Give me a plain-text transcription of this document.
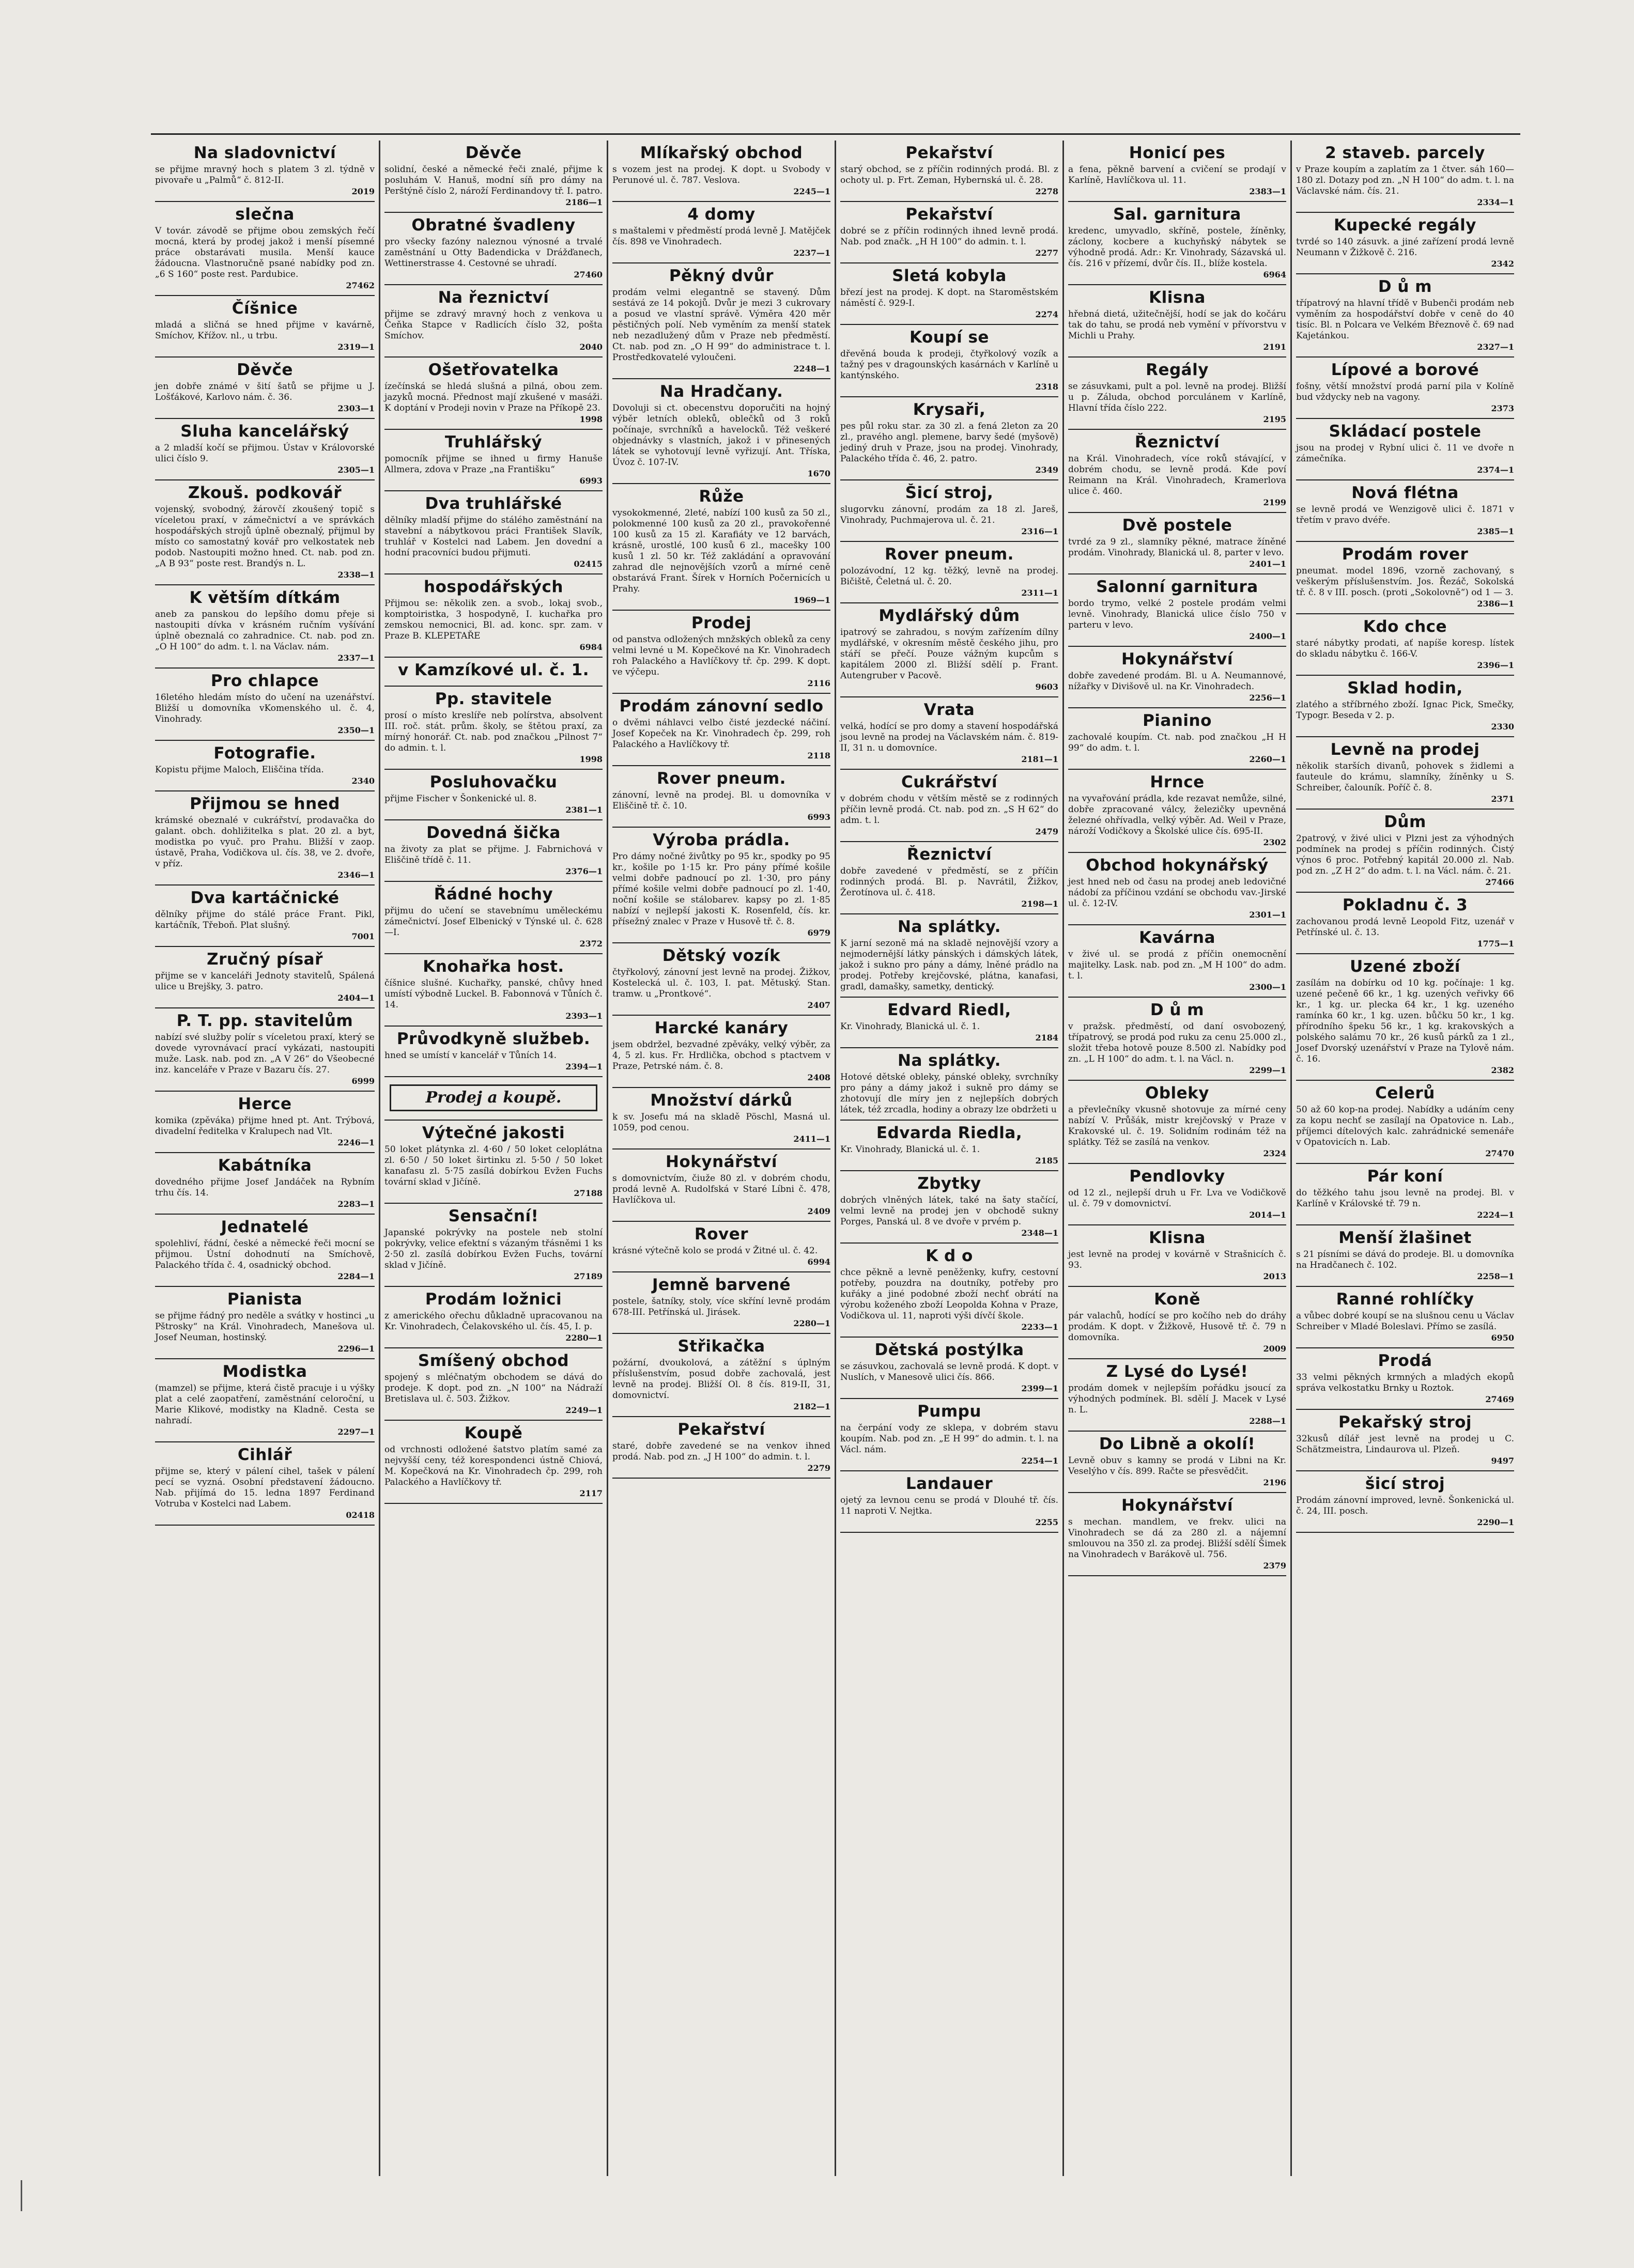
Na sladovnictví
se přijme mravný hoch s platem 3 zl. týdně v pivovaře u „Palmů“ č. 812-II.
2019
slečna
V továr. závodě se přijme obou zemských řečí mocná, která by prodej jakož i menší písemné práce obstarávati musila. Menší kauce žádoucna. Vlastnoručně psané nabídky pod zn. „6 S 160“ poste rest. Pardubice.
27462
Číšnice
mladá a sličná se hned přijme v kavárně, Smíchov, Křížov. nl., u trbu.
2319—1
Děvče
jen dobře známé v šití šatů se přijme u J. Lošťákové, Karlovo nám. č. 36.
2303—1
Sluha kancelářský
a 2 mladší kočí se přijmou. Ústav v Královorské ulici číslo 9.
2305—1
Zkouš. podkovář
vojenský, svobodný, žárovčí zkoušený topič s víceletou praxí, v zámečnictví a ve správkách hospodářských strojů úplně obeznalý, přijmul by místo co samostatný kovář pro velkostatek neb podob. Nastoupiti možno hned. Ct. nab. pod zn. „A B 93“ poste rest. Brandýs n. L.
2338—1
K větším dítkám
aneb za panskou do lepšího domu přeje si nastoupiti dívka v krásném ručním vyšívání úplně obeznalá co zahradnice. Ct. nab. pod zn. „O H 100“ do adm. t. l. na Václav. nám.
2337—1
Pro chlapce
16letého hledám místo do učení na uzenářství. Bližší u domovníka vKomenského ul. č. 4, Vinohrady.
2350—1
Fotografie.
Kopistu přijme Maloch, Eliščina třída.
2340
Přijmou se hned
krámské obeznalé v cukrářství, prodavačka do galant. obch. dohližitelka s plat. 20 zl. a byt, modistka po vyuč. pro Prahu. Bližší v zaop. ústavě, Praha, Vodičkova ul. čís. 38, ve 2. dvoře, v příz.
2346—1
Dva kartáčnické
dělníky přijme do stálé práce Frant. Pikl, kartáčník, Třeboň. Plat slušný.
7001
Zručný písař
přijme se v kanceláři Jednoty stavitelů, Spálená ulice u Brejšky, 3. patro.
2404—1
P. T. pp. stavitelům
nabízí své služby polír s víceletou praxí, který se dovede vyrovnávací prací vykázati, nastoupiti muže. Lask. nab. pod zn. „A V 26“ do Všeobecné inz. kanceláře v Praze v Bazaru čís. 27.
6999
Herce
komika (zpěváka) přijme hned pt. Ant. Trýbová, divadelní ředitelka v Kralupech nad Vlt.
2246—1
Kabátníka
dovedného přijme Josef Jandáček na Rybním trhu čís. 14.
2283—1
Jednatelé
spolehliví, řádní, české a německé řeči mocní se přijmou. Ústní dohodnutí na Smíchově, Palackého třída č. 4, osadnický obchod.
2284—1
Pianista
se přijme řádný pro neděle a svátky v hostinci „u Pštrosky“ na Král. Vinohradech, Manešova ul. Josef Neuman, hostinský.
2296—1
Modistka
(mamzel) se přijme, která čistě pracuje i u výšky plat a celé zaopatření, zaměstnání celoroční, u Marie Klikové, modistky na Kladně. Cesta se nahradí.
2297—1
Cihlář
přijme se, který v pálení cihel, tašek v pálení pecí se vyzná. Osobní představení žádoucno. Nab. přijímá do 15. ledna 1897 Ferdinand Votruba v Kostelci nad Labem.
02418
Děvče
solidní, české a německé řeči znalé, přijme k posluhám V. Hanuš, modní síň pro dámy na Perštýně číslo 2, nároží Ferdinandovy tř. I. patro.
2186—1
Obratné švadleny
pro všecky fazóny naleznou výnosné a trvalé zaměstnání u Otty Badendicka v Drážďanech, Wettinerstrasse 4. Cestovné se uhradí.
27460
Na řeznictví
přijme se zdravý mravný hoch z venkova u Čeňka Stapce v Radlicích číslo 32, pošta Smíchov.
2040
Ošetřovatelka
ízečínská se hledá slušná a pilná, obou zem. jazyků mocná. Přednost mají zkušené v masáži. K doptání v Prodeji novin v Praze na Příkopě 23.
1998
Truhlářský
pomocník přijme se ihned u firmy Hanuše Allmera, zdova v Praze „na Františku“
6993
Dva truhlářské
dělníky mladší přijme do stálého zaměstnání na stavební a nábytkovou práci František Slavík, truhlář v Kostelci nad Labem. Jen dovední a hodní pracovníci budou přijmuti.
02415
hospodářských
Přijmou se: několik zen. a svob., lokaj svob., komptoiristka, 3 hospodyně, I. kuchařka pro zemskou nemocnici, Bl. ad. konc. spr. zam. v Praze B. KLEPETAŘE
6984
v Kamzíkové ul. č. 1.
Pp. stavitele
prosí o místo kreslíře neb polírstva, absolvent III. roč. stát. prům. školy, se štětou praxí, za mírný honorář. Ct. nab. pod značkou „Pilnost 7“ do admin. t. l.
1998
Posluhovačku
přijme Fischer v Šonkenické ul. 8.
2381—1
Dovedná šička
na životy za plat se přijme. J. Fabrnichová v Eliščině třídě č. 11.
2376—1
Řádné hochy
přijmu do učení se stavebnímu uměleckému zámečnictví. Josef Elbenický v Týnské ul. č. 628—I.
2372
Knohařka host.
číšnice slušné. Kuchařky, panské, chůvy hned umístí výbodně Luckel. B. Fabonnová v Tůních č. 14.
2393—1
Průvodkyně službeb.
hned se umístí v kancelář v Tůních 14.
2394—1
Prodej a koupě.
Výtečné jakosti
50 loket plátynka zl. 4·60 / 50 loket celoplátna zl. 6·50 / 50 loket širtinku zl. 5·50 / 50 loket kanafasu zl. 5·75 zasílá dobírkou Evžen Fuchs tovární sklad v Jičíně.
27188
Sensační!
Japanské pokrývky na postele neb stolní pokrývky, velice efektní s vázaným třásněmi 1 ks 2·50 zl. zasílá dobírkou Evžen Fuchs, tovární sklad v Jičíně.
27189
Prodám ložnici
z amerického ořechu důkladně upracovanou na Kr. Vinohradech, Čelakovského ul. čís. 45, I. p.
2280—1
Smíšený obchod
spojený s mléčnatým obchodem se dává do prodeje. K dopt. pod zn. „N 100“ na Nádraží Bretislava ul. č. 503. Žižkov.
2249—1
Koupě
od vrchnosti odložené šatstvo platím samé za nejvyšší ceny, též korespondenci ústně Chiová, M. Kopečková na Kr. Vinohradech čp. 299, roh Palackého a Havlíčkovy tř.
2117
Mlíkařský obchod
s vozem jest na prodej. K dopt. u Svobody v Perunové ul. č. 787. Veslova.
2245—1
4 domy
s maštalemi v předměstí prodá levně J. Matějček čís. 898 ve Vinohradech.
2237—1
Pěkný dvůr
prodám velmi elegantně se stavený. Dům sestává ze 14 pokojů. Dvůr je mezi 3 cukrovary a posud ve vlastní správě. Výměra 420 měr pěstičných polí. Neb vyměním za menší statek neb nezadlužený dům v Praze neb předměstí. Ct. nab. pod zn. „O H 99“ do administrace t. l. Prostředkovatelé vyloučeni.
2248—1
Na Hradčany.
Dovoluji si ct. obecenstvu doporučiti na hojný výběr letních obleků, oblečků od 3 roků počínaje, svrchníků a havelocků. Též veškeré objednávky s vlastních, jakož i v přinesených látek se vyhotovují levně vyřizují. Ant. Tříska, Úvoz č. 107-IV.
1670
Růže
vysokokmenné, 2leté, nabízí 100 kusů za 50 zl., polokmenné 100 kusů za 20 zl., pravokořenné 100 kusů za 15 zl. Karafiáty ve 12 barvách, krásně, urostlé, 100 kusů 6 zl., macešky 100 kusů 1 zl. 50 kr. Též zakládání a opravování zahrad dle nejnovějších vzorů a mírné ceně obstarává Frant. Šírek v Horních Počernicích u Prahy.
1969—1
Prodej
od panstva odložených mnžských obleků za ceny velmi levné u M. Kopečkové na Kr. Vinohradech roh Palackého a Havlíčkovy tř. čp. 299. K dopt. ve výčepu.
2116
Prodám zánovní sedlo
o dvěmi náhlavci velbo čisté jezdecké náčiní. Josef Kopeček na Kr. Vinohradech čp. 299, roh Palackého a Havlíčkovy tř.
2118
Rover pneum.
zánovní, levně na prodej. Bl. u domovníka v Eliščině tř. č. 10.
6993
Výroba prádla.
Pro dámy nočné živůtky po 95 kr., spodky po 95 kr., košile po 1·15 kr. Pro pány přímé košile velmi dobře padnoucí po zl. 1·30, pro pány přímé košile velmi dobře padnoucí po zl. 1·40, noční košile se stálobarev. kapsy po zl. 1·85 nabízí v nejlepší jakosti K. Rosenfeld, čís. kr. přísežný znalec v Praze v Husově tř. č. 8.
6979
Dětský vozík
čtyřkolový, zánovní jest levně na prodej. Žižkov, Kostelecká ul. č. 103, I. pat. Mětuský. Stan. tramw. u „Prontkové“.
2407
Harcké kanáry
jsem obdržel, bezvadné zpěváky, velký výběr, za 4, 5 zl. kus. Fr. Hrdlička, obchod s ptactvem v Praze, Petrské nám. č. 8.
2408
Množství dárků
k sv. Josefu má na skladě Pöschl, Masná ul. 1059, pod cenou.
2411—1
Hokynářství
s domovnictvím, čiuže 80 zl. v dobrém chodu, prodá levně A. Rudolfská v Staré Líbni č. 478, Havlíčkova ul.
2409
Rover
krásné výtečně kolo se prodá v Žitné ul. č. 42.
6994
Jemně barvené
postele, šatníky, stoly, více skříní levně prodám 678-III. Petřínská ul. Jirásek.
2280—1
Střikačka
požární, dvoukolová, a zátěžní s úplným příslušenstvím, posud dobře zachovalá, jest levně na prodej. Bližší Ol. 8 čís. 819-II, 31, domovnictví.
2182—1
Pekařství
staré, dobře zavedené se na venkov ihned prodá. Nab. pod zn. „J H 100“ do admin. t. l.
2279
Pekařství
starý obchod, se z příčin rodinných prodá. Bl. z ochoty ul. p. Frt. Zeman, Hybernská ul. č. 28.
2278
Pekařství
dobré se z příčin rodinných ihned levně prodá. Nab. pod značk. „H H 100“ do admin. t. l.
2277
Sletá kobyla
březí jest na prodej. K dopt. na Staroměstském náměstí č. 929-I.
2274
Koupí se
dřevěná bouda k prodeji, čtyřkolový vozík a tažný pes v dragounských kasárnách v Karlíně u kantýnského.
2318
Krysaři,
pes půl roku star. za 30 zl. a fená 2leton za 20 zl., pravého angl. plemene, barvy šedé (myšově) jediný druh v Praze, jsou na prodej. Vinohrady, Palackého třída č. 46, 2. patro.
2349
Šicí stroj,
slugorvku zánovní, prodám za 18 zl. Jareš, Vinohrady, Puchmajerova ul. č. 21.
2316—1
Rover pneum.
polozávodní, 12 kg. těžký, levně na prodej. Bičiště, Čeletná ul. č. 20.
2311—1
Mydlářský dům
ipatrový se zahradou, s novým zařízením dílny mydlářské, v okresním městě českého jihu, pro stáří se přečí. Pouze vážným kupcům s kapitálem 2000 zl. Bližší sdělí p. Frant. Autengruber v Pacově.
9603
Vrata
velká, hodící se pro domy a stavení hospodářská jsou levně na prodej na Václavském nám. č. 819-II, 31 n. u domovníce.
2181—1
Cukrářství
v dobrém chodu v větším městě se z rodinných příčin levně prodá. Ct. nab. pod zn. „S H 62“ do adm. t. l.
2479
Řeznictví
dobře zavedené v předměstí, se z příčin rodinných prodá. Bl. p. Navrátil, Žižkov, Žerotínova ul. č. 418.
2198—1
Na splátky.
K jarní sezoně má na skladě nejnovější vzory a nejmodernější látky pánských i dámských látek, jakož i sukno pro pány a dámy, lněné prádlo na prodej. Potřeby krejčovské, plátna, kanafasi, gradl, damašky, sametky, dentický.
Edvard Riedl,
Kr. Vinohrady, Blanická ul. č. 1.
2184
Na splátky.
Hotové dětské obleky, pánské obleky, svrchníky pro pány a dámy jakož i sukně pro dámy se zhotovují dle míry jen z nejlepších dobrých látek, též zrcadla, hodiny a obrazy lze obdržeti u
Edvarda Riedla,
Kr. Vinohrady, Blanická ul. č. 1.
2185
Zbytky
dobrých vlněných látek, také na šaty stačící, velmi levně na prodej jen v obchodě sukny Porges, Panská ul. 8 ve dvoře v prvém p.
2348—1
K d o
chce pěkně a levně peněženky, kufry, cestovní potřeby, pouzdra na doutníky, potřeby pro kuřáky a jiné podobné zboží nechť obrátí na výrobu koženého zboží Leopolda Kohna v Praze, Vodičkova ul. 11, naproti výši dívčí škole.
2233—1
Dětská postýlka
se zásuvkou, zachovalá se levně prodá. K dopt. v Nuslích, v Manesově ulici čís. 866.
2399—1
Pumpu
na čerpání vody ze sklepa, v dobrém stavu koupím. Nab. pod zn. „E H 99“ do admin. t. l. na Václ. nám.
2254—1
Landauer
ojetý za levnou cenu se prodá v Dlouhé tř. čís. 11 naproti V. Nejtka.
2255
Honicí pes
a fena, pěkně barvení a cvičení se prodají v Karlíně, Havlíčkova ul. 11.
2383—1
Sal. garnitura
kredenc, umyvadlo, skříně, postele, žíněnky, záclony, kocbere a kuchyňský nábytek se výhodně prodá. Adr.: Kr. Vinohrady, Sázavská ul. čís. 216 v přízemí, dvůr čís. II., blíže kostela.
6964
Klisna
hřebná dietá, užitečnější, hodí se jak do kočáru tak do tahu, se prodá neb vymění v přívorstvu v Michli u Prahy.
2191
Regály
se zásuvkami, pult a pol. levně na prodej. Bližší u p. Záluda, obchod porculánem v Karlíně, Hlavní třída číslo 222.
2195
Řeznictví
na Král. Vinohradech, více roků stávající, v dobrém chodu, se levně prodá. Kde poví Reimann na Král. Vinohradech, Kramerlova ulice č. 460.
2199
Dvě postele
tvrdé za 9 zl., slamníky pěkné, matrace žíněné prodám. Vinohrady, Blanická ul. 8, parter v levo.
2401—1
Salonní garnitura
bordo trymo, velké 2 postele prodám velmi levně. Vinohrady, Blanická ulice číslo 750 v parteru v levo.
2400—1
Hokynářství
dobře zavedené prodám. Bl. u A. Neumannové, nížařky v Divišově ul. na Kr. Vinohradech.
2256—1
Pianino
zachovalé koupím. Ct. nab. pod značkou „H H 99“ do adm. t. l.
2260—1
Hrnce
na vyvařování prádla, kde rezavat nemůže, silné, dobře zpracované válcy, železičky upevněná železné ohřívadla, velký výběr. Ad. Weil v Praze, nároží Vodičkovy a Školské ulice čís. 695-II.
2302
Obchod hokynářský
jest hned neb od času na prodej aneb ledovičné nádobí za příčinou vzdání se obchodu vav.-Jirské ul. č. 12-IV.
2301—1
Kavárna
v živé ul. se prodá z příčin onemocnění majitelky. Lask. nab. pod zn. „M H 100“ do adm. t. l.
2300—1
D ů m
v pražsk. předměstí, od daní osvobozený, třípatrový, se prodá pod ruku za cenu 25.000 zl., složit třeba hotově pouze 8.500 zl. Nabídky pod zn. „L H 100“ do adm. t. l. na Václ. n.
2299—1
Obleky
a převlečníky vkusně shotovuje za mírné ceny nabízí V. Průšák, mistr krejčovský v Praze v Krakovské ul. č. 19. Solidním rodinám též na splátky. Též se zasílá na venkov.
2324
Pendlovky
od 12 zl., nejlepší druh u Fr. Lva ve Vodičkově ul. č. 79 v domovnictví.
2014—1
Klisna
jest levně na prodej v kovárně v Strašnicích č. 93.
2013
Koně
pár valachů, hodící se pro kočího neb do dráhy prodám. K dopt. v Žižkově, Husově tř. č. 79 n domovníka.
2009
Z Lysé do Lysé!
prodám domek v nejlepším pořádku jsoucí za výhodných podmínek. Bl. sdělí J. Macek v Lysé n. L.
2288—1
Do Libně a okolí!
Levně obuv s kamny se prodá v Libni na Kr. Veselýho v čís. 899. Račte se přesvědčit.
2196
Hokynářství
s mechan. mandlem, ve frekv. ulici na Vinohradech se dá za 280 zl. a nájemní smlouvou na 350 zl. za prodej. Bližší sdělí Šimek na Vinohradech v Barákově ul. 756.
2379
2 staveb. parcely
v Praze koupím a zaplatím za 1 čtver. sáh 160—180 zl. Dotazy pod zn. „N H 100“ do adm. t. l. na Václavské nám. čís. 21.
2334—1
Kupecké regály
tvrdé so 140 zásuvk. a jiné zařízení prodá levně Neumann v Žižkově č. 216.
2342
D ů m
třípatrový na hlavní třídě v Bubenči prodám neb vyměním za hospodářství dobře v ceně do 40 tisíc. Bl. n Polcara ve Velkém Březnově č. 69 nad Kajetánkou.
2327—1
Lípové a borové
fošny, větší množství prodá parní pila v Kolíně bud vždycky neb na vagony.
2373
Skládací postele
jsou na prodej v Rybní ulici č. 11 ve dvoře n zámečníka.
2374—1
Nová flétna
se levně prodá ve Wenzigově ulici č. 1871 v třetím v pravo dvéře.
2385—1
Prodám rover
pneumat. model 1896, vzorně zachovaný, s veškerým příslušenstvím. Jos. Řezáč, Sokolská tř. č. 8 v III. posch. (proti „Sokolovně“) od 1 — 3.
2386—1
Kdo chce
staré nábytky prodati, ať napíše koresp. lístek do skladu nábytku č. 166-V.
2396—1
Sklad hodin,
zlatého a stříbrného zboží. Ignac Pick, Smečky, Typogr. Beseda v 2. p.
2330
Levně na prodej
několik starších divanů, pohovek s židlemi a fauteule do krámu, slamníky, žíněnky u S. Schreiber, čalouník. Poříč č. 8.
2371
Dům
2patrový, v živé ulici v Plzni jest za výhodných podmínek na prodej s příčin rodinných. Čistý výnos 6 proc. Potřebný kapitál 20.000 zl. Nab. pod zn. „Z H 2“ do adm. t. l. na Václ. nám. č. 21.
27466
Pokladnu č. 3
zachovanou prodá levně Leopold Fitz, uzenář v Petřínské ul. č. 13.
1775—1
Uzené zboží
zasílám na dobírku od 10 kg. počínaje: 1 kg. uzené pečeně 66 kr., 1 kg. uzených veřivky 66 kr., 1 kg. ur. plecka 64 kr., 1 kg. uzeného ramínka 60 kr., 1 kg. uzen. bůčku 50 kr., 1 kg. přírodního špeku 56 kr., 1 kg. krakovských a polského salámu 70 kr., 26 kusů párků za 1 zl., Josef Dvorský uzenářství v Praze na Tylově nám. č. 16.
2382
Celerů
50 až 60 kop-na prodej. Nabídky a udáním ceny za kopu nechť se zasílají na Opatovice n. Lab., příjemci dítelových kalc. zahrádnické semenáře v Opatovicích n. Lab.
27470
Pár koní
do těžkého tahu jsou levně na prodej. Bl. v Karlíně v Královské tř. 79 n.
2224—1
Menší žlašinet
s 21 písními se dává do prodeje. Bl. u domovníka na Hradčanech č. 102.
2258—1
Ranné rohlíčky
a vůbec dobré koupí se na slušnou cenu u Václav Schreiber v Mladé Boleslavi. Přímo se zasílá.
6950
Prodá
33 velmi pěkných krmných a mladých ekopů správa velkostatku Brnky u Roztok.
27469
Pekařský stroj
32kusů dílář jest levně na prodej u C. Schätzmeistra, Lindaurova ul. Plzeň.
9497
šicí stroj
Prodám zánovní improved, levně. Šonkenická ul. č. 24, III. posch.
2290—1
